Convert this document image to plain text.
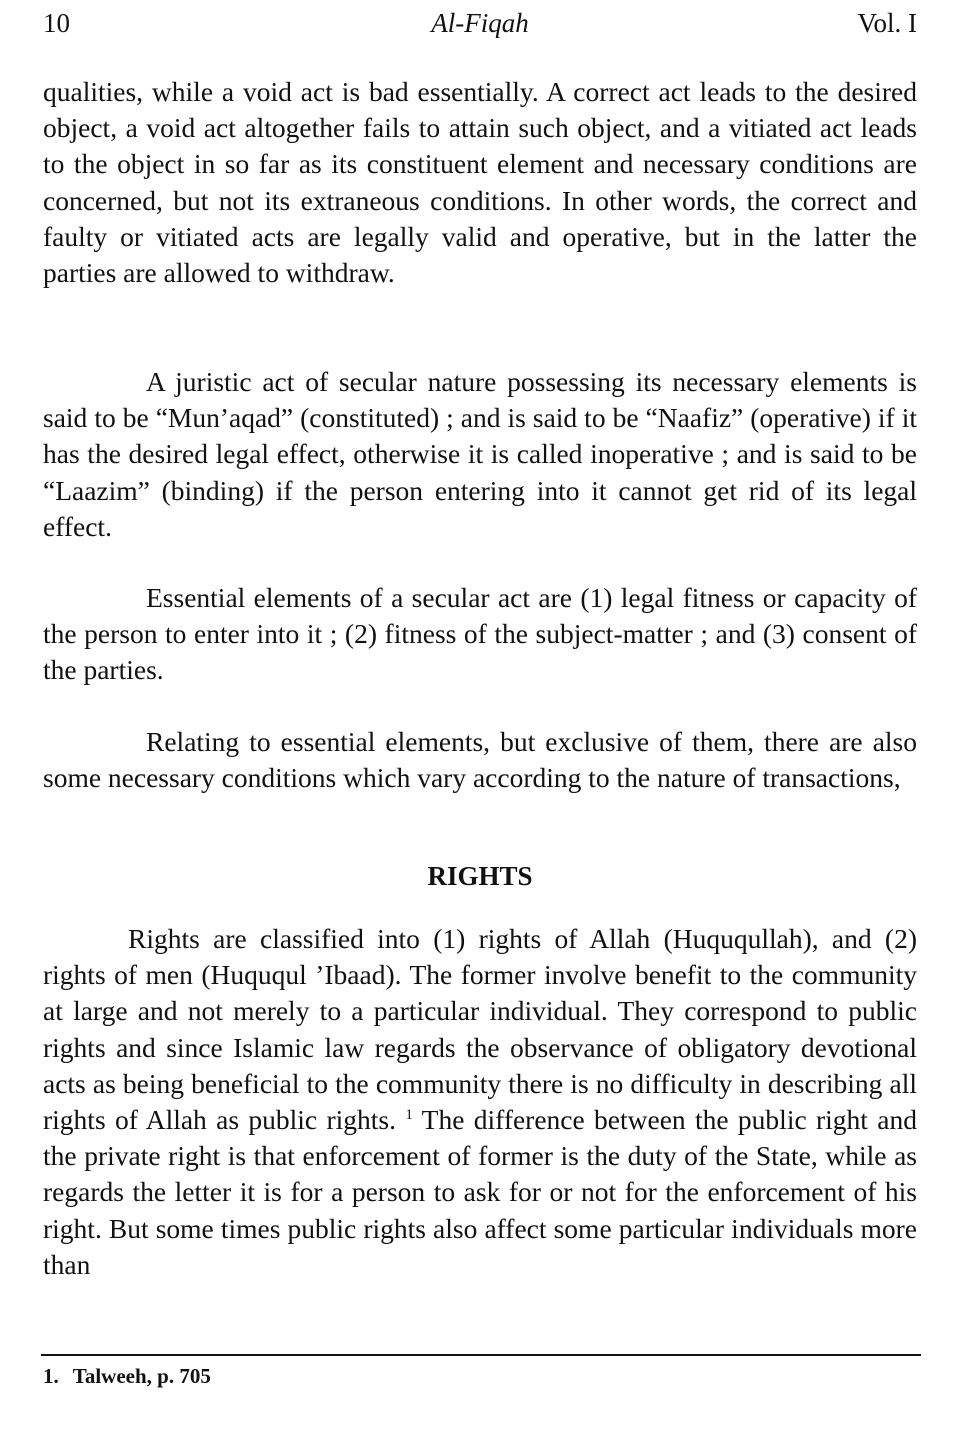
10	Al-Fiqah	Vol. I

qualities, while a void act is bad essentially. A correct act leads to the desired object, a void act altogether fails to attain such object, and a vitiated act leads to the object in so far as its constituent element and necessary conditions are concerned, but not its extraneous conditions. In other words, the correct and faulty or vitiated acts are legally valid and operative, but in the latter the parties are allowed to withdraw.

A juristic act of secular nature possessing its necessary elements is said to be “Mun’aqad” (constituted) ; and is said to be “Naafiz” (operative) if it has the desired legal effect, otherwise it is called inoperative ; and is said to be “Laazim” (binding) if the person entering into it cannot get rid of its legal effect.

Essential elements of a secular act are (1) legal fitness or capacity of the person to enter into it ; (2) fitness of the subject-matter ; and (3) consent of the parties.

Relating to essential elements, but exclusive of them, there are also some necessary conditions which vary according to the nature of transactions,

RIGHTS

Rights are classified into (1) rights of Allah (Huququllah), and (2) rights of men (Huququl ’Ibaad). The former involve benefit to the community at large and not merely to a particular individual. They correspond to public rights and since Islamic law regards the observance of obligatory devotional acts as being beneficial to the community there is no difficulty in describing all rights of Allah as public rights. $^1$ The difference between the public right and the private right is that enforcement of former is the duty of the State, while as regards the letter it is for a person to ask for or not for the enforcement of his right. But some times public rights also affect some particular individuals more than

1. Talweeh, p. 705
